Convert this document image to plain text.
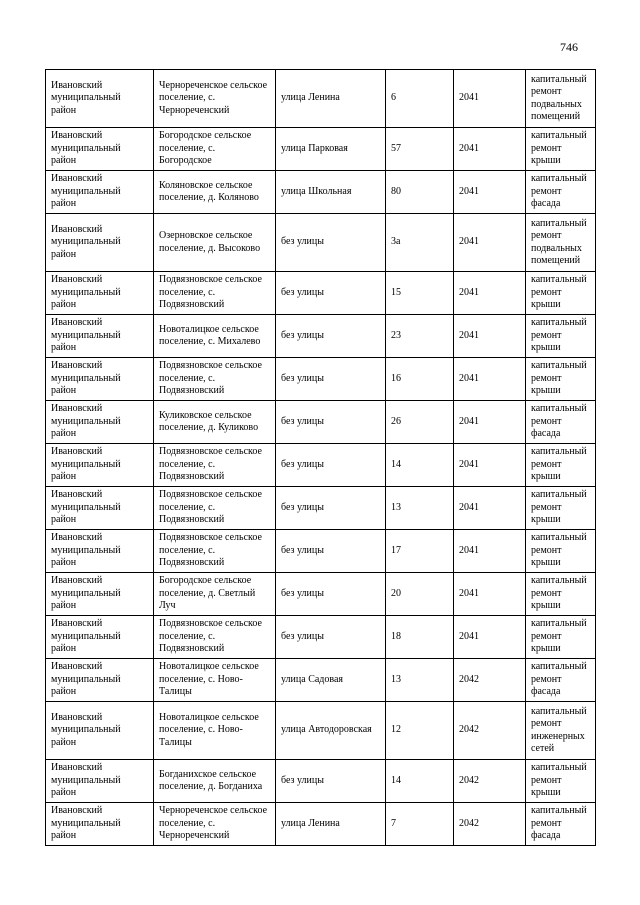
746
Ивановский муниципальный район	Чернореченское сельское поселение, с. Чернореченский	улица Ленина	6	2041	капитальный ремонт подвальных помещений
Ивановский муниципальный район	Богородское сельское поселение, с. Богородское	улица Парковая	57	2041	капитальный ремонт крыши
Ивановский муниципальный район	Коляновское сельское поселение, д. Коляново	улица Школьная	80	2041	капитальный ремонт фасада
Ивановский муниципальный район	Озерновское сельское поселение, д. Высоково	без улицы	3а	2041	капитальный ремонт подвальных помещений
Ивановский муниципальный район	Подвязновское сельское поселение, с. Подвязновский	без улицы	15	2041	капитальный ремонт крыши
Ивановский муниципальный район	Новоталицкое сельское поселение, с. Михалево	без улицы	23	2041	капитальный ремонт крыши
Ивановский муниципальный район	Подвязновское сельское поселение, с. Подвязновский	без улицы	16	2041	капитальный ремонт крыши
Ивановский муниципальный район	Куликовское сельское поселение, д. Куликово	без улицы	26	2041	капитальный ремонт фасада
Ивановский муниципальный район	Подвязновское сельское поселение, с. Подвязновский	без улицы	14	2041	капитальный ремонт крыши
Ивановский муниципальный район	Подвязновское сельское поселение, с. Подвязновский	без улицы	13	2041	капитальный ремонт крыши
Ивановский муниципальный район	Подвязновское сельское поселение, с. Подвязновский	без улицы	17	2041	капитальный ремонт крыши
Ивановский муниципальный район	Богородское сельское поселение, д. Светлый Луч	без улицы	20	2041	капитальный ремонт крыши
Ивановский муниципальный район	Подвязновское сельское поселение, с. Подвязновский	без улицы	18	2041	капитальный ремонт крыши
Ивановский муниципальный район	Новоталицкое сельское поселение, с. Ново-Талицы	улица Садовая	13	2042	капитальный ремонт фасада
Ивановский муниципальный район	Новоталицкое сельское поселение, с. Ново-Талицы	улица Автодоровская	12	2042	капитальный ремонт инженерных сетей
Ивановский муниципальный район	Богданихское сельское поселение, д. Богданиха	без улицы	14	2042	капитальный ремонт крыши
Ивановский муниципальный район	Чернореченское сельское поселение, с. Чернореченский	улица Ленина	7	2042	капитальный ремонт фасада
